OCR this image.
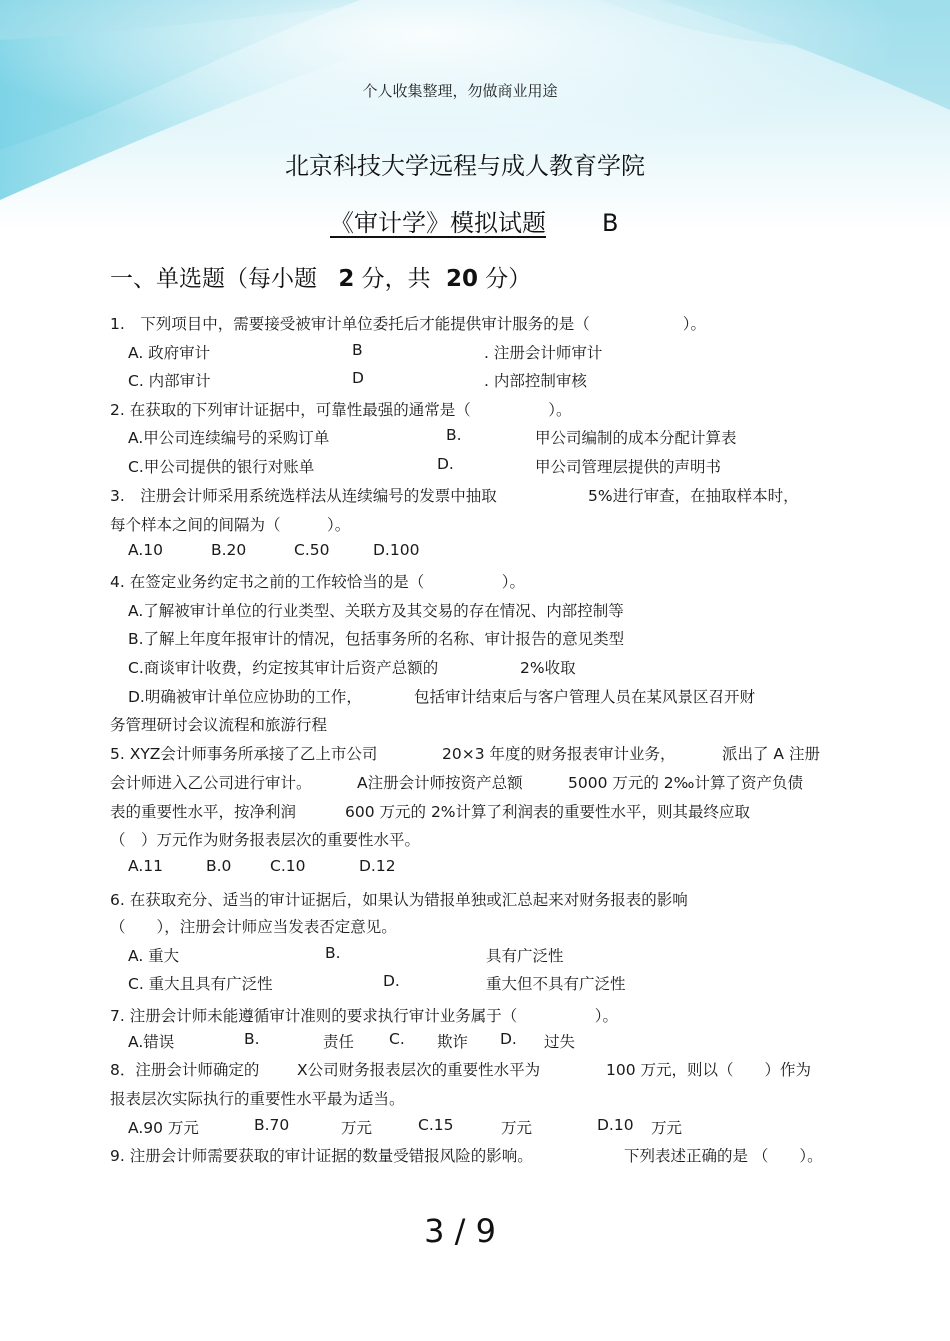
个人收集整理，勿做商业用途
北京科技大学远程与成人教育学院
《审计学》模拟试题 B
一、单选题（每小题 2 分，共 20 分）
1.　下列项目中，需要接受被审计单位委托后才能提供审计服务的是（　　　　　　）。
A. 政府审计	B	. 注册会计师审计
C. 内部审计	D	. 内部控制审核
2. 在获取的下列审计证据中，可靠性最强的通常是（　　　　　）。
A.甲公司连续编号的采购订单	B.	甲公司编制的成本分配计算表
C.甲公司提供的银行对账单	D.	甲公司管理层提供的声明书
3.　注册会计师采用系统选样法从连续编号的发票中抽取	5%进行审查，在抽取样本时，
每个样本之间的间隔为（　　　）。
A.10	B.20	C.50	D.100
4. 在签定业务约定书之前的工作较恰当的是（　　　　　）。
A.了解被审计单位的行业类型、关联方及其交易的存在情况、内部控制等
B.了解上年度年报审计的情况，包括事务所的名称、审计报告的意见类型
C.商谈审计收费，约定按其审计后资产总额的	2%收取
D.明确被审计单位应协助的工作，	包括审计结束后与客户管理人员在某风景区召开财
务管理研讨会议流程和旅游行程
5. XYZ会计师事务所承接了乙上市公司	20×3 年度的财务报表审计业务，	派出了 A 注册
会计师进入乙公司进行审计。	A注册会计师按资产总额	5000 万元的 2‰计算了资产负债
表的重要性水平，按净利润	600 万元的 2%计算了利润表的重要性水平，则其最终应取
（　）万元作为财务报表层次的重要性水平。
A.11	B.0 C.10	D.12
6. 在获取充分、适当的审计证据后，如果认为错报单独或汇总起来对财务报表的影响
（　　），注册会计师应当发表否定意见。
A. 重大	B.	具有广泛性
C. 重大且具有广泛性	D.	重大但不具有广泛性
7. 注册会计师未能遵循审计准则的要求执行审计业务属于（　　　　　）。
A.错误	B.	责任 C. 欺诈 D. 过失
8．注册会计师确定的 X公司财务报表层次的重要性水平为	100 万元，则以（　　）作为
报表层次实际执行的重要性水平最为适当。
A.90 万元	B.70	万元	C.15	万元	D.10 万元
9. 注册会计师需要获取的审计证据的数量受错报风险的影响。	下列表述正确的是 （　　）。
3 / 9
